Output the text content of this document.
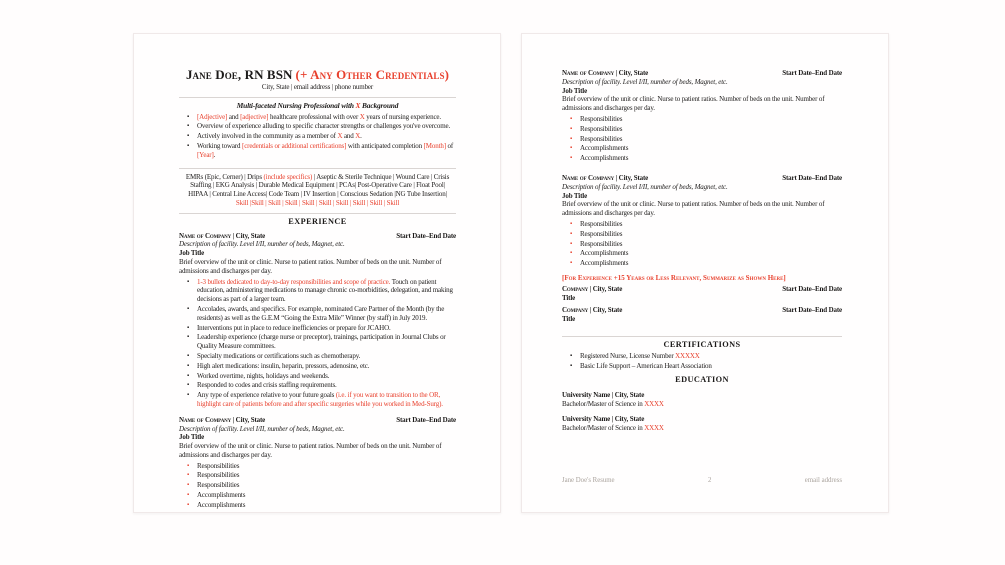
Jane Doe, RN BSN (+ Any Other Credentials)
City, State | email address | phone number
Multi-faceted Nursing Professional with X Background
▪ [Adjective] and [adjective] healthcare professional with over X years of nursing experience.
▪ Overview of experience alluding to specific character strengths or challenges you've overcome.
▪ Actively involved in the community as a member of X and X.
▪ Working toward [credentials or additional certifications] with anticipated completion [Month] of [Year].
EMRs (Epic, Cerner) | Drips (include specifics) | Aseptic & Sterile Technique | Wound Care | Crisis
Staffing | EKG Analysis | Durable Medical Equipment | PCAs| Post-Operative Care | Float Pool|
HIPAA | Central Line Access| Code Team | IV Insertion | Conscious Sedation |NG Tube Insertion|
Skill |Skill | Skill | Skill | Skill | Skill | Skill | Skill | Skill | Skill
EXPERIENCE
Name of Company | City, State	Start Date–End Date
Description of facility. Level I/II, number of beds, Magnet, etc.
Job Title
Brief overview of the unit or clinic. Nurse to patient ratios. Number of beds on the unit. Number of admissions and discharges per day.
▪ 1-3 bullets dedicated to day-to-day responsibilities and scope of practice. Touch on patient education, administering medications to manage chronic co-morbidities, delegation, and making decisions as part of a larger team.
▪ Accolades, awards, and specifics. For example, nominated Care Partner of the Month (by the residents) as well as the G.E.M “Going the Extra Mile” Winner (by staff) in July 2019.
▪ Interventions put in place to reduce inefficiencies or prepare for JCAHO.
▪ Leadership experience (charge nurse or preceptor), trainings, participation in Journal Clubs or Quality Measure committees.
▪ Specialty medications or certifications such as chemotherapy.
▪ High alert medications: insulin, heparin, pressors, adenosine, etc.
▪ Worked overtime, nights, holidays and weekends.
▪ Responded to codes and crisis staffing requirements.
▪ Any type of experience relative to your future goals (i.e. if you want to transition to the OR, highlight care of patients before and after specific surgeries while you worked in Med-Surg).
Name of Company | City, State	Start Date–End Date
Description of facility. Level I/II, number of beds, Magnet, etc.
Job Title
Brief overview of the unit or clinic. Nurse to patient ratios. Number of beds on the unit. Number of admissions and discharges per day.
▪ Responsibilities
▪ Responsibilities
▪ Responsibilities
▪ Accomplishments
▪ Accomplishments
Name of Company | City, State	Start Date–End Date
Description of facility. Level I/II, number of beds, Magnet, etc.
Job Title
Brief overview of the unit or clinic. Nurse to patient ratios. Number of beds on the unit. Number of admissions and discharges per day.
▪ Responsibilities
▪ Responsibilities
▪ Responsibilities
▪ Accomplishments
▪ Accomplishments
Name of Company | City, State	Start Date–End Date
Description of facility. Level I/II, number of beds, Magnet, etc.
Job Title
Brief overview of the unit or clinic. Nurse to patient ratios. Number of beds on the unit. Number of admissions and discharges per day.
▪ Responsibilities
▪ Responsibilities
▪ Responsibilities
▪ Accomplishments
▪ Accomplishments
[For Experience +15 Years or Less Relevant, Summarize as Shown Here]
Company | City, State	Start Date–End Date
Title
Company | City, State	Start Date–End Date
Title
CERTIFICATIONS
▪ Registered Nurse, License Number XXXXX
▪ Basic Life Support – American Heart Association
EDUCATION
University Name | City, State
Bachelor/Master of Science in XXXX
University Name | City, State
Bachelor/Master of Science in XXXX
Jane Doe's Resume	2	email address
